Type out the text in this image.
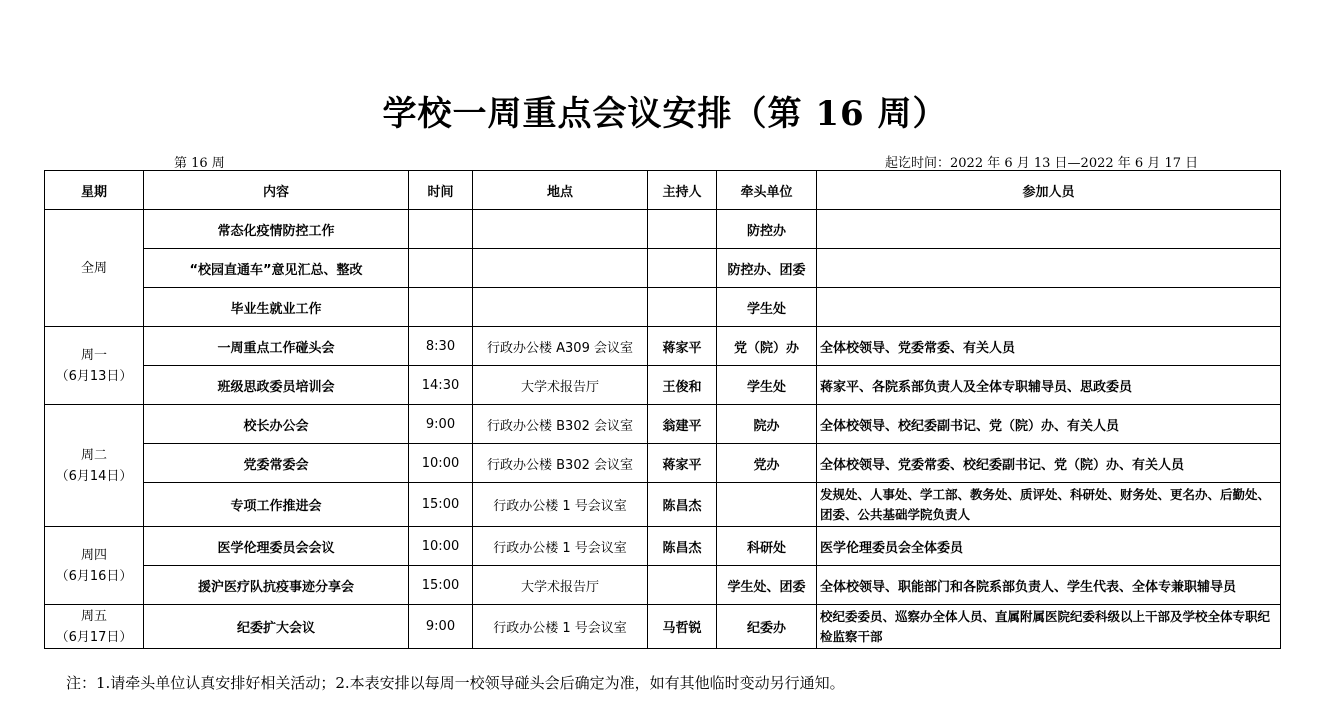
学校一周重点会议安排（第 16 周）
第 16 周	起讫时间：2022 年 6 月 13 日—2022 年 6 月 17 日
星期	内容	时间	地点	主持人	牵头单位	参加人员

全周	常态化疫情防控工作				防控办	
	“校园直通车”意见汇总、整改				防控办、团委	
	毕业生就业工作				学生处	

周一
（6月13日）	一周重点工作碰头会	8:30	行政办公楼 A309 会议室	蒋家平	党（院）办	全体校领导、党委常委、有关人员
	班级思政委员培训会	14:30	大学术报告厅	王俊和	学生处	蒋家平、各院系部负责人及全体专职辅导员、思政委员

周二
（6月14日）	校长办公会	9:00	行政办公楼 B302 会议室	翁建平	院办	全体校领导、校纪委副书记、党（院）办、有关人员
	党委常委会	10:00	行政办公楼 B302 会议室	蒋家平	党办	全体校领导、党委常委、校纪委副书记、党（院）办、有关人员
	专项工作推进会	15:00	行政办公楼 1 号会议室	陈昌杰		发规处、人事处、学工部、教务处、质评处、科研处、财务处、更名办、后勤处、团委、公共基础学院负责人

周四
（6月16日）	医学伦理委员会会议	10:00	行政办公楼 1 号会议室	陈昌杰	科研处	医学伦理委员会全体委员
	援沪医疗队抗疫事迹分享会	15:00	大学术报告厅		学生处、团委	全体校领导、职能部门和各院系部负责人、学生代表、全体专兼职辅导员

周五
（6月17日）	纪委扩大会议	9:00	行政办公楼 1 号会议室	马哲锐	纪委办	校纪委委员、巡察办全体人员、直属附属医院纪委科级以上干部及学校全体专职纪检监察干部
注：1.请牵头单位认真安排好相关活动；2.本表安排以每周一校领导碰头会后确定为准，如有其他临时变动另行通知。
